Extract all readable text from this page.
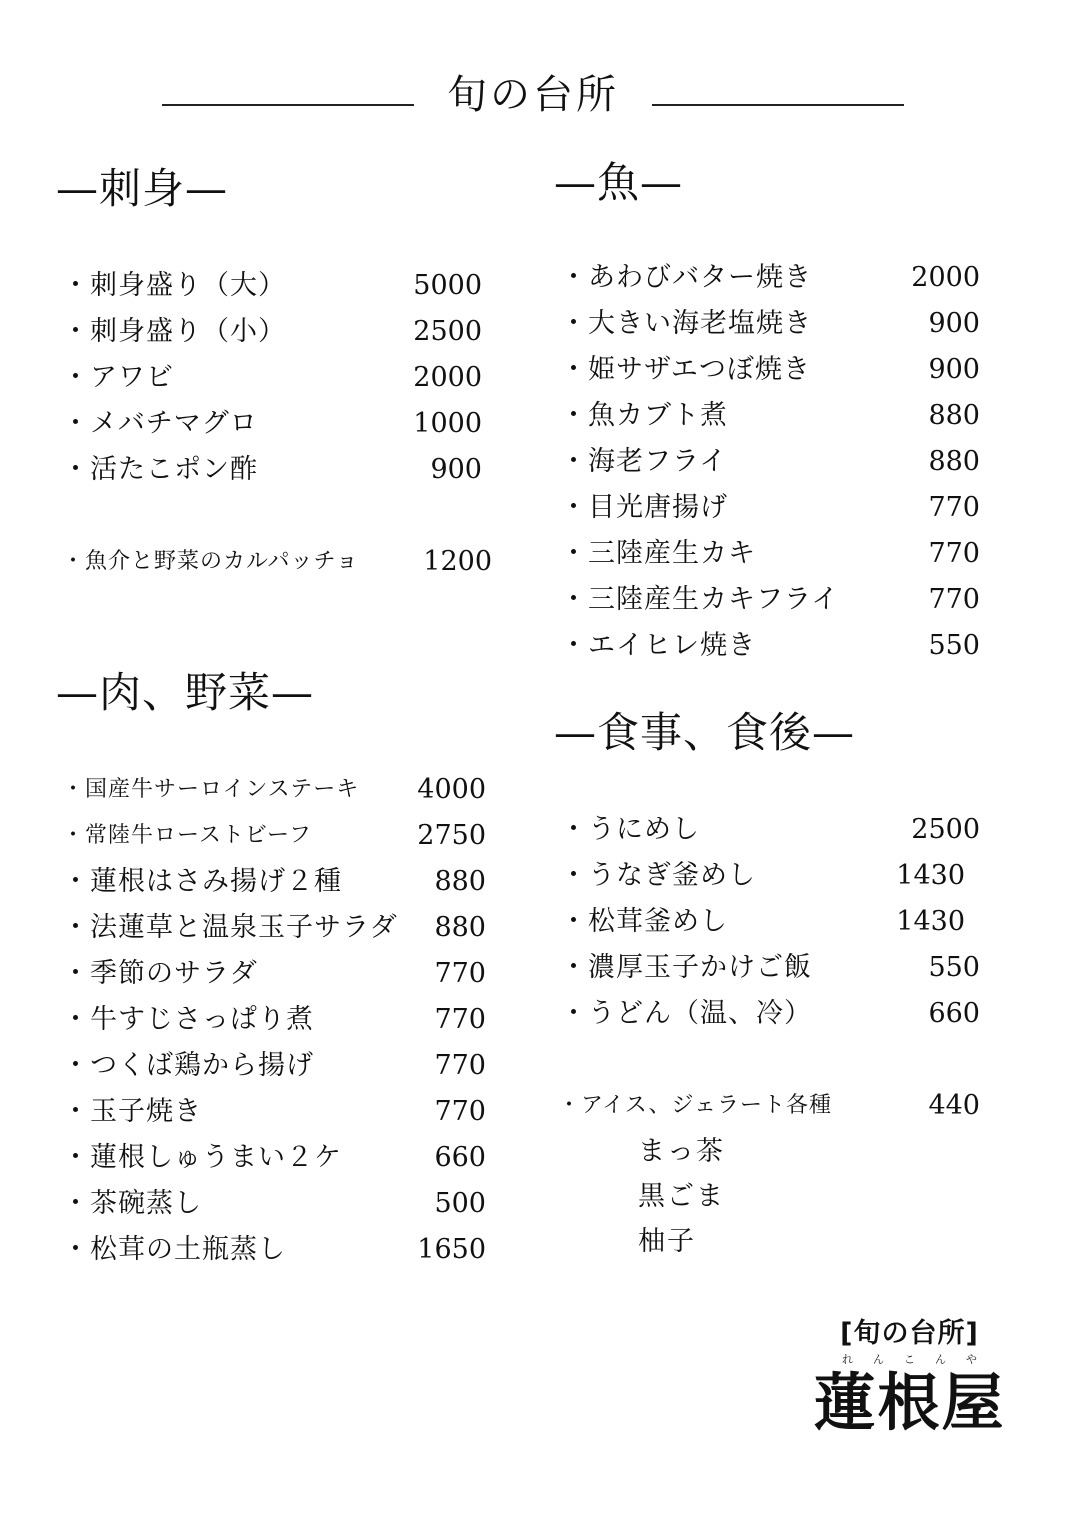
旬の台所
—刺身—
・刺身盛り（大）	5000
・刺身盛り（小）	2500
・アワビ	2000
・メバチマグロ	1000
・活たこポン酢	900
・魚介と野菜のカルパッチョ 1200
—肉、野菜—
・国産牛サーロインステーキ 4000
・常陸牛ローストビーフ	2750
・蓮根はさみ揚げ２種	880
・法蓮草と温泉玉子サラダ 880
・季節のサラダ	770
・牛すじさっぱり煮	770
・つくば鶏から揚げ	770
・玉子焼き	770
・蓮根しゅうまい２ケ	660
・茶碗蒸し	500
・松茸の土瓶蒸し	1650
—魚—
・あわびバター焼き	2000
・大きい海老塩焼き	900
・姫サザエつぼ焼き	900
・魚カブト煮	880
・海老フライ	880
・目光唐揚げ	770
・三陸産生カキ	770
・三陸産生カキフライ	770
・エイヒレ焼き	550
—食事、食後—
・うにめし	2500
・うなぎ釜めし	1430
・松茸釜めし	1430
・濃厚玉子かけご飯	550
・うどん（温、冷）	660
・アイス、ジェラート各種	440
まっ茶
黒ごま
柚子
[旬の台所]
れんこんや
蓮根屋
